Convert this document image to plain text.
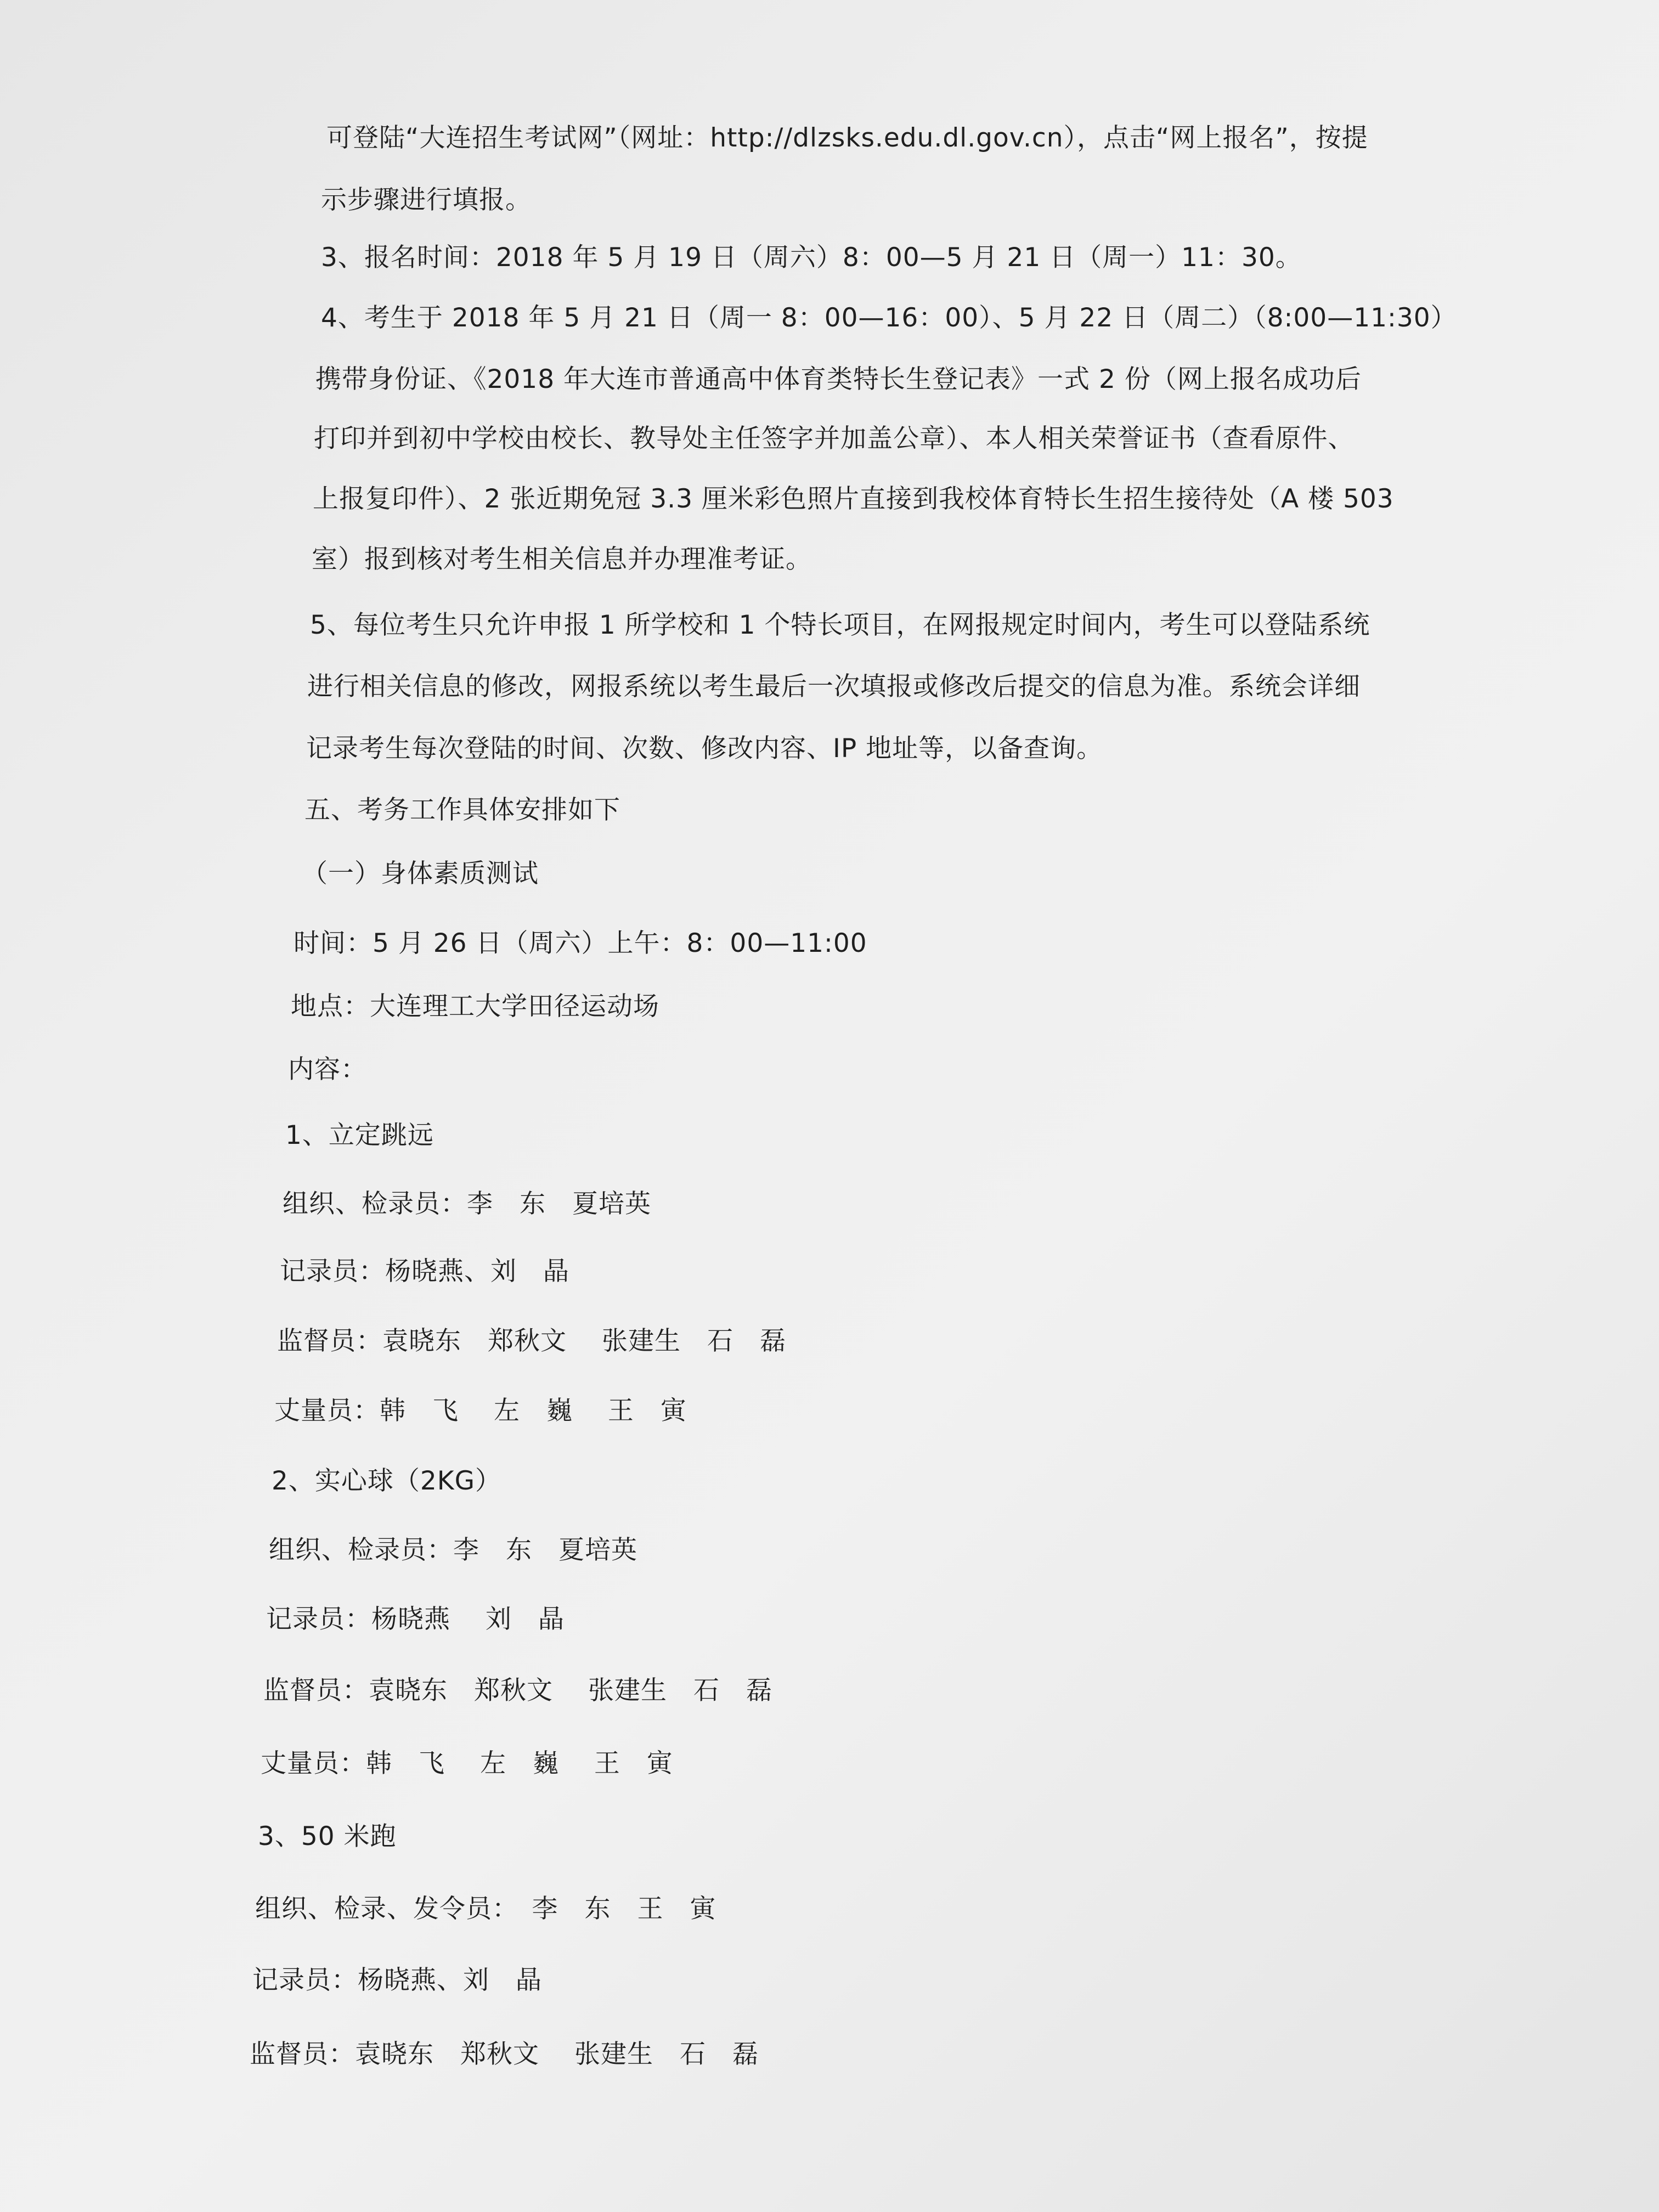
可登陆“大连招生考试网”（网址：http://dlzsks.edu.dl.gov.cn），点击“网上报名”，按提
示步骤进行填报。
3、报名时间：2018 年 5 月 19 日（周六）8：00—5 月 21 日（周一）11：30。
4、考生于 2018 年 5 月 21 日（周一 8：00—16：00）、5 月 22 日（周二）（8:00—11:30）
携带身份证、《2018 年大连市普通高中体育类特长生登记表》一式 2 份（网上报名成功后
打印并到初中学校由校长、教导处主任签字并加盖公章）、本人相关荣誉证书（查看原件、
上报复印件）、2 张近期免冠 3.3 厘米彩色照片直接到我校体育特长生招生接待处（A 楼 503
室）报到核对考生相关信息并办理准考证。
5、每位考生只允许申报 1 所学校和 1 个特长项目，在网报规定时间内，考生可以登陆系统
进行相关信息的修改，网报系统以考生最后一次填报或修改后提交的信息为准。系统会详细
记录考生每次登陆的时间、次数、修改内容、IP 地址等，以备查询。
五、考务工作具体安排如下
（一）身体素质测试
时间：5 月 26 日（周六）上午：8：00—11:00
地点：大连理工大学田径运动场
内容：
1、立定跳远
组织、检录员：李　东　夏培英
记录员：杨晓燕、刘　晶
监督员：袁晓东　郑秋文　 张建生　石　磊
丈量员：韩　飞　 左　巍　 王　寅
2、实心球（2KG）
组织、检录员：李　东　夏培英
记录员：杨晓燕　 刘　晶
监督员：袁晓东　郑秋文　 张建生　石　磊
丈量员：韩　飞　 左　巍　 王　寅
3、50 米跑
组织、检录、发令员：　李　东　王　寅
记录员：杨晓燕、刘　晶
监督员：袁晓东　郑秋文　 张建生　石　磊
